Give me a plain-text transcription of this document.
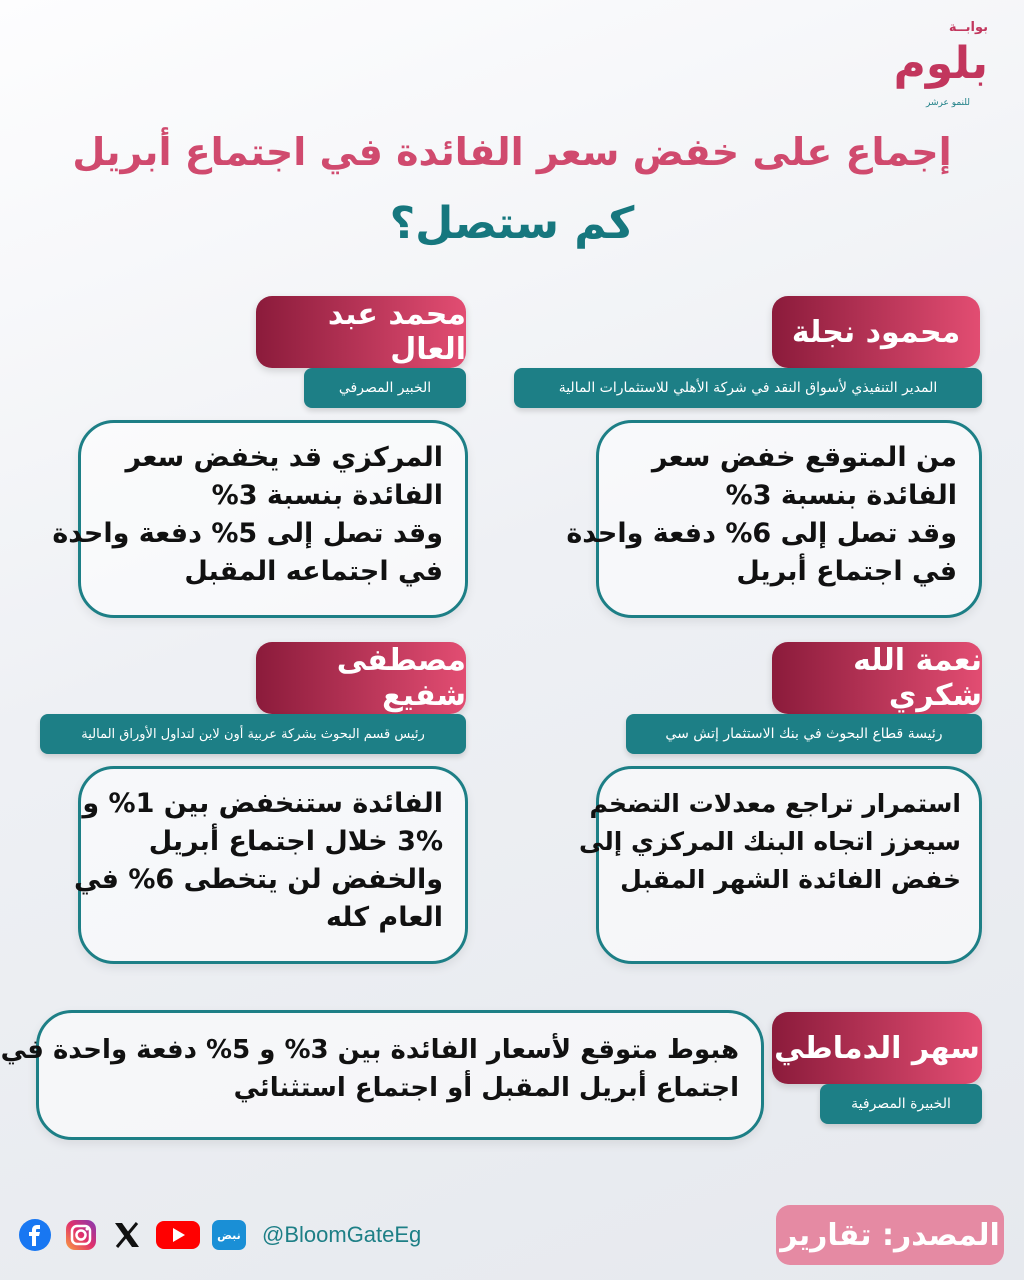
بوابــة
بلوم
للنمو عرشر
إجماع على خفض سعر الفائدة في اجتماع أبريل
كم ستصل؟
محمود نجلة
المدير التنفيذي لأسواق النقد في شركة الأهلي للاستثمارات المالية
من المتوقع خفض سعر
الفائدة بنسبة 3%
وقد تصل إلى 6% دفعة واحدة
في اجتماع أبريل
محمد عبد العال
الخبير المصرفي
المركزي قد يخفض سعر
الفائدة بنسبة 3%
وقد تصل إلى 5% دفعة واحدة
في اجتماعه المقبل
نعمة الله شكري
رئيسة قطاع البحوث في بنك الاستثمار إتش سي
استمرار تراجع معدلات التضخم
سيعزز اتجاه البنك المركزي إلى
خفض الفائدة الشهر المقبل
مصطفى شفيع
رئيس قسم البحوث بشركة عربية أون لاين لتداول الأوراق المالية
الفائدة ستنخفض بين 1% و
3% خلال اجتماع أبريل
والخفض لن يتخطى 6% في
العام كله
سهر الدماطي
الخبيرة المصرفية
هبوط متوقع لأسعار الفائدة بين 3% و 5% دفعة واحدة في
اجتماع أبريل المقبل أو اجتماع استثنائي
المصدر: تقارير
نبض @BloomGateEg
